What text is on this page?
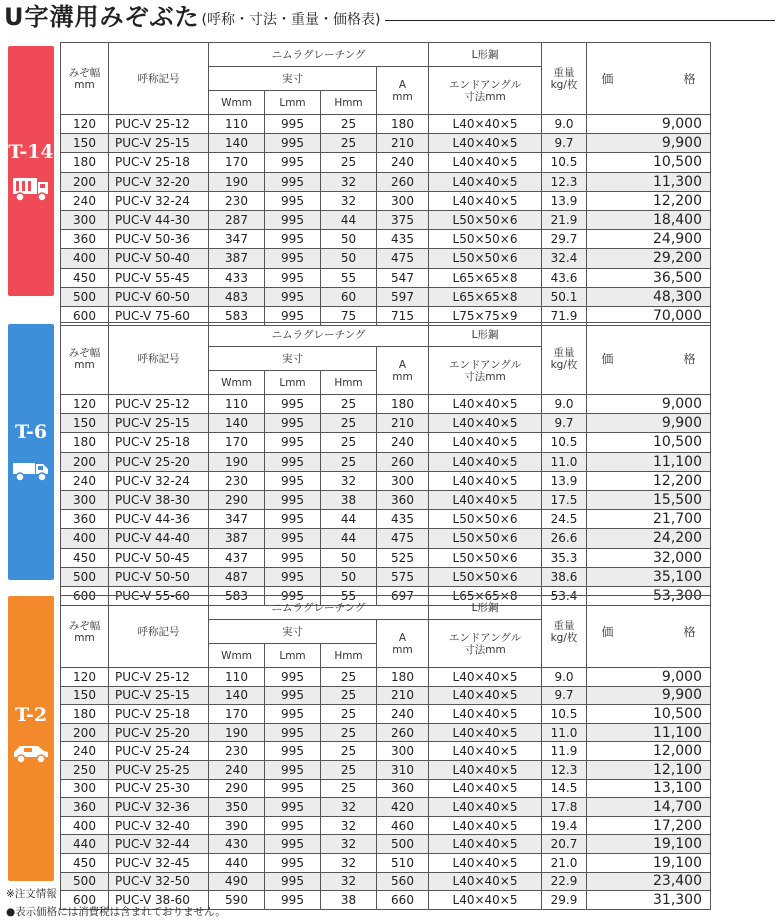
U字溝用みぞぶた (呼称・寸法・重量・価格表)
T-14
みぞ幅
mm	呼称記号	ニムラグレーチング				L形鋼	重量
kg/枚	価 格
		実寸			A
mm	エンドアングル
寸法mm		
		Wmm	Lmm	Hmm				
120	PUC-V 25-12	110	995	25	180	L40×40×5	9.0	9,000
150	PUC-V 25-15	140	995	25	210	L40×40×5	9.7	9,900
180	PUC-V 25-18	170	995	25	240	L40×40×5	10.5	10,500
200	PUC-V 32-20	190	995	32	260	L40×40×5	12.3	11,300
240	PUC-V 32-24	230	995	32	300	L40×40×5	13.9	12,200
300	PUC-V 44-30	287	995	44	375	L50×50×6	21.9	18,400
360	PUC-V 50-36	347	995	50	435	L50×50×6	29.7	24,900
400	PUC-V 50-40	387	995	50	475	L50×50×6	32.4	29,200
450	PUC-V 55-45	433	995	55	547	L65×65×8	43.6	36,500
500	PUC-V 60-50	483	995	60	597	L65×65×8	50.1	48,300
600	PUC-V 75-60	583	995	75	715	L75×75×9	71.9	70,000
T-6
みぞ幅
mm	呼称記号	ニムラグレーチング				L形鋼	重量
kg/枚	価 格
		実寸			A
mm	エンドアングル
寸法mm		
		Wmm	Lmm	Hmm				
120	PUC-V 25-12	110	995	25	180	L40×40×5	9.0	9,000
150	PUC-V 25-15	140	995	25	210	L40×40×5	9.7	9,900
180	PUC-V 25-18	170	995	25	240	L40×40×5	10.5	10,500
200	PUC-V 25-20	190	995	25	260	L40×40×5	11.0	11,100
240	PUC-V 32-24	230	995	32	300	L40×40×5	13.9	12,200
300	PUC-V 38-30	290	995	38	360	L40×40×5	17.5	15,500
360	PUC-V 44-36	347	995	44	435	L50×50×6	24.5	21,700
400	PUC-V 44-40	387	995	44	475	L50×50×6	26.6	24,200
450	PUC-V 50-45	437	995	50	525	L50×50×6	35.3	32,000
500	PUC-V 50-50	487	995	50	575	L50×50×6	38.6	35,100
600	PUC-V 55-60	583	995	55	697	L65×65×8	53.4	53,300
T-2
みぞ幅
mm	呼称記号	ニムラグレーチング				L形鋼	重量
kg/枚	価 格
		実寸			A
mm	エンドアングル
寸法mm		
		Wmm	Lmm	Hmm				
120	PUC-V 25-12	110	995	25	180	L40×40×5	9.0	9,000
150	PUC-V 25-15	140	995	25	210	L40×40×5	9.7	9,900
180	PUC-V 25-18	170	995	25	240	L40×40×5	10.5	10,500
200	PUC-V 25-20	190	995	25	260	L40×40×5	11.0	11,100
240	PUC-V 25-24	230	995	25	300	L40×40×5	11.9	12,000
250	PUC-V 25-25	240	995	25	310	L40×40×5	12.3	12,100
300	PUC-V 25-30	290	995	25	360	L40×40×5	14.5	13,100
360	PUC-V 32-36	350	995	32	420	L40×40×5	17.8	14,700
400	PUC-V 32-40	390	995	32	460	L40×40×5	19.4	17,200
440	PUC-V 32-44	430	995	32	500	L40×40×5	20.7	19,100
450	PUC-V 32-45	440	995	32	510	L40×40×5	21.0	19,100
500	PUC-V 32-50	490	995	32	560	L40×40×5	22.9	23,400
600	PUC-V 38-60	590	995	38	660	L40×40×5	29.9	31,300
※注文情報
●表示価格には消費税は含まれておりません。
